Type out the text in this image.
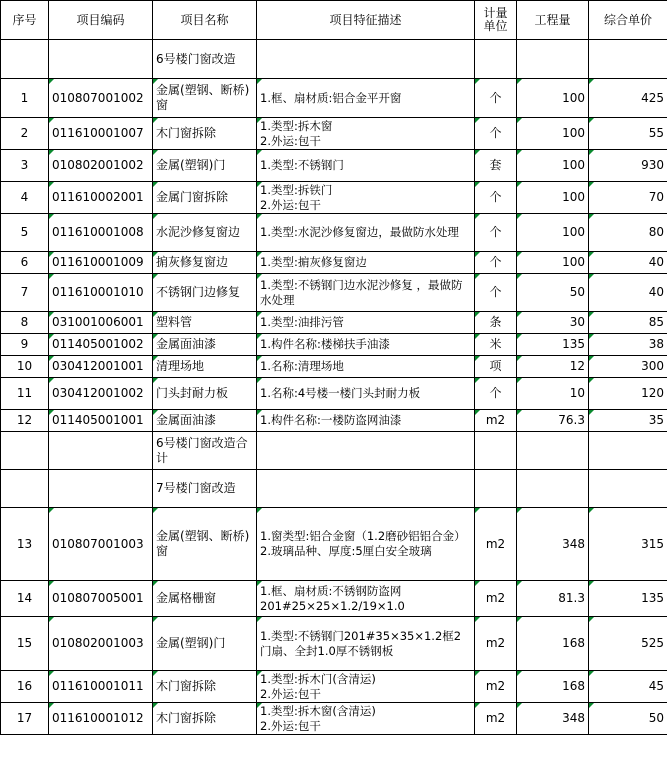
序号	项目编码	项目名称	项目特征描述	计量单位	工程量	综合单价
		6号楼门窗改造				
1	010807001002	金属(塑钢、断桥)窗	1.框、扇材质:铝合金平开窗	个	100	425
2	011610001007	木门窗拆除	1.类型:拆木窗
2.外运:包干	个	100	55
3	010802001002	金属(塑钢)门	1.类型:不锈钢门	套	100	930
4	011610002001	金属门窗拆除	1.类型:拆铁门
2.外运:包干	个	100	70
5	011610001008	水泥沙修复窗边	1.类型:水泥沙修复窗边，最做防水处理	个	100	80
6	011610001009	掮灰修复窗边	1.类型:掮灰修复窗边	个	100	40
7	011610001010	不锈钢门边修复	1.类型:不锈钢门边水泥沙修复 ，最做防水处理	个	50	40
8	031001006001	塑料管	1.类型:油排污管	条	30	85
9	011405001002	金属面油漆	1.构件名称:楼梯扶手油漆	米	135	38
10	030412001001	清理场地	1.名称:清理场地	项	12	300
11	030412001002	门头封耐力板	1.名称:4号楼一楼门头封耐力板	个	10	120
12	011405001001	金属面油漆	1.构件名称:一楼防盗网油漆	m2	76.3	35
		6号楼门窗改造合计				
		7号楼门窗改造				
13	010807001003	金属(塑钢、断桥)窗	1.窗类型:铝合金窗（1.2磨砂铝铝合金）
2.玻璃品种、厚度:5厘白安全玻璃	m2	348	315
14	010807005001	金属格栅窗	1.框、扇材质:不锈钢防盗网201#25×25×1.2/19×1.0	m2	81.3	135
15	010802001003	金属(塑钢)门	1.类型:不锈钢门201#35×35×1.2框2门扇、全封1.0厚不锈钢板	m2	168	525
16	011610001011	木门窗拆除	1.类型:拆木门(含清运)
2.外运:包干	m2	168	45
17	011610001012	木门窗拆除	1.类型:拆木窗(含清运)
2.外运:包干	m2	348	50
